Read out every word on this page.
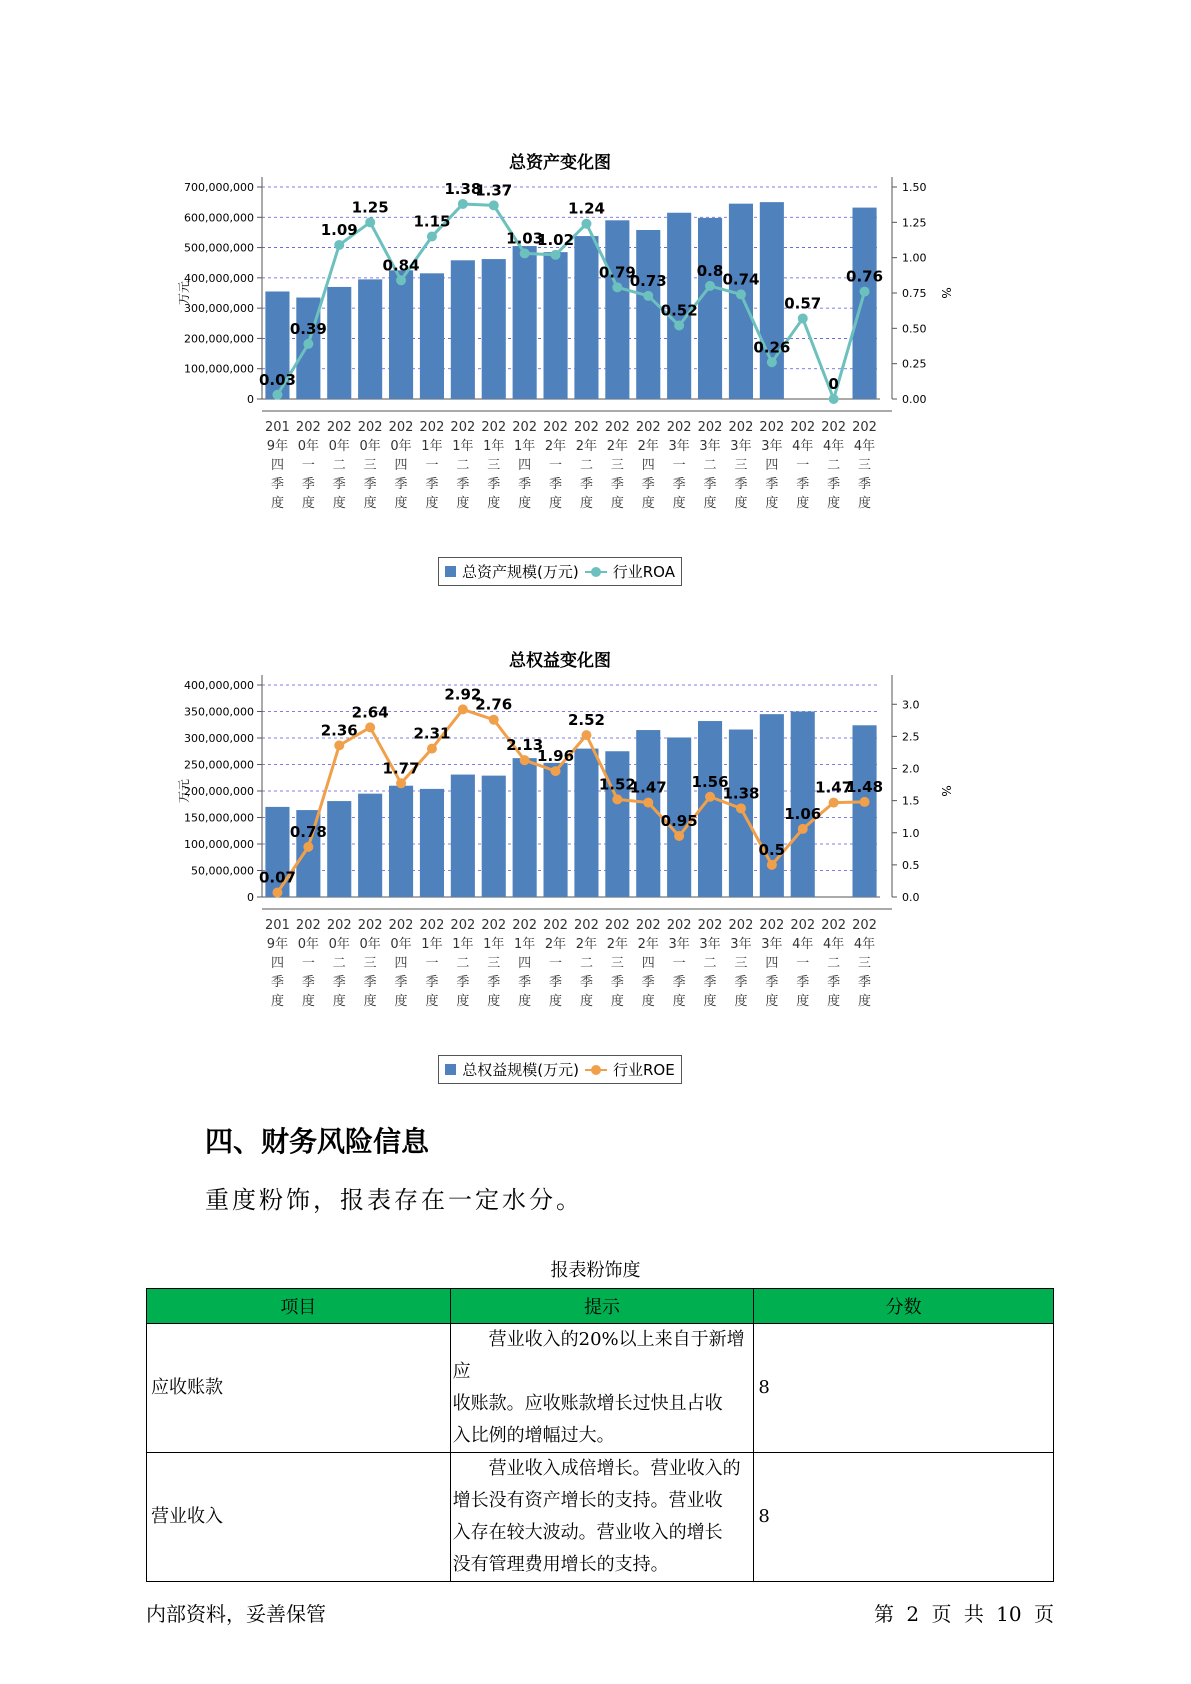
总资产变化图
0
100,000,000
200,000,000
300,000,000
400,000,000
500,000,000
600,000,000
700,000,000
0.00
0.25
0.50
0.75
1.00
1.25
1.50
万元	%
201
9年
四
季
度
202
0年
一
季
度
202
0年
二
季
度
202
0年
三
季
度
202
0年
四
季
度
202
1年
一
季
度
202
1年
二
季
度
202
1年
三
季
度
202
1年
四
季
度
202
2年
一
季
度
202
2年
二
季
度
202
2年
三
季
度
202
2年
四
季
度
202
3年
一
季
度
202
3年
二
季
度
202
3年
三
季
度
202
3年
四
季
度
202
4年
一
季
度
202
4年
二
季
度
202
4年
三
季
度
0.03
0.39
1.09
1.25
0.84
1.15
1.38
1.37
1.03
1.02
1.24
0.79
0.73
0.52
0.8 0.74
0.26
0.57
0
0.76
总资产规模(万元) 行业ROA
总权益变化图
0
50,000,000
100,000,000
150,000,000
200,000,000
250,000,000
300,000,000
350,000,000
400,000,000
0.0
0.5
1.0
1.5
2.0
2.5
3.0
万元	%
201
9年
四
季
度
202
0年
一
季
度
202
0年
二
季
度
202
0年
三
季
度
202
0年
四
季
度
202
1年
一
季
度
202
1年
二
季
度
202
1年
三
季
度
202
1年
四
季
度
202
2年
一
季
度
202
2年
二
季
度
202
2年
三
季
度
202
2年
四
季
度
202
3年
一
季
度
202
3年
二
季
度
202
3年
三
季
度
202
3年
四
季
度
202
4年
一
季
度
202
4年
二
季
度
202
4年
三
季
度
0.07
0.78
2.36
2.64
1.77
2.31
2.92
2.76
2.13
1.96
2.52
1.52
1.47
0.95
1.56
1.38
0.5
1.06
1.47
1.48
总权益规模(万元) 行业ROE
四、财务风险信息
重度粉饰，报表存在一定水分。
报表粉饰度
项目	提示	分数
应收账款	营业收入的20%以上来自于新增应
收账款。应收账款增长过快且占收
入比例的增幅过大。	8
营业收入	营业收入成倍增长。营业收入的
增长没有资产增长的支持。营业收
入存在较大波动。营业收入的增长
没有管理费用增长的支持。	8
内部资料，妥善保管	第 2 页 共 10 页
